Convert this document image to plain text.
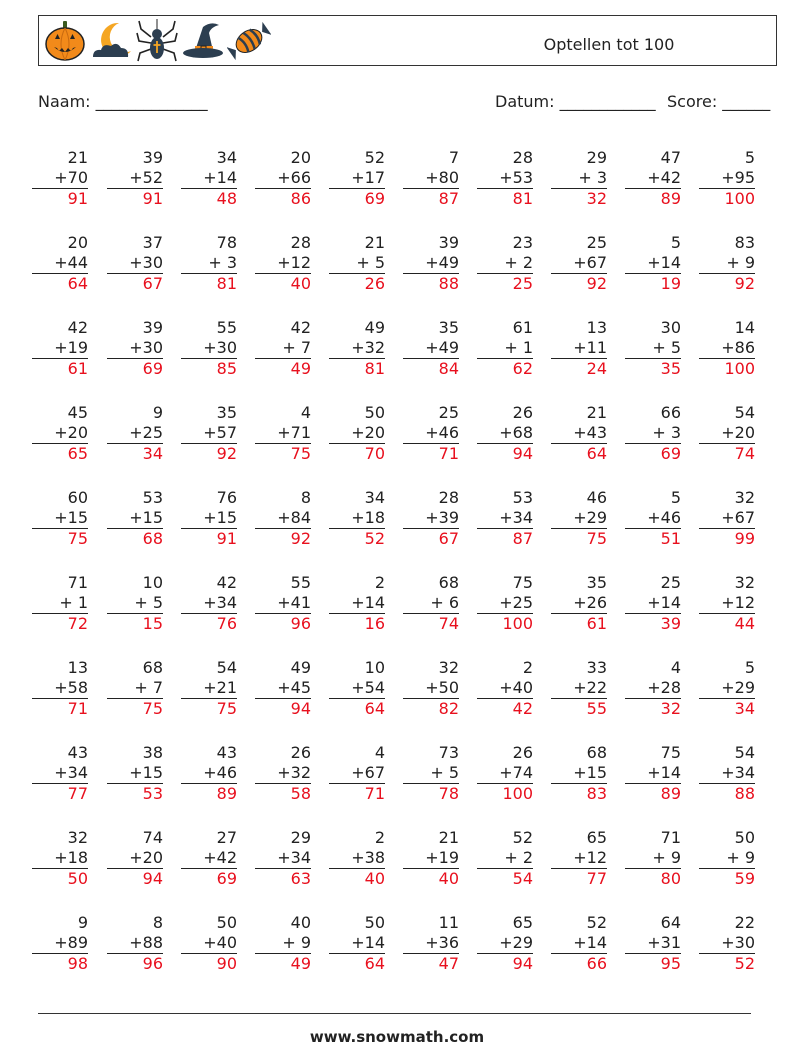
Optellen tot 100
Naam: ______________	Datum: ____________ Score: ______
21
+70
91
39
+52
91
34
+14
48
20
+66
86
52
+17
69
7
+80
87
28
+53
81
29
+ 3
32
47
+42
89
5
+95
100
20
+44
64
37
+30
67
78
+ 3
81
28
+12
40
21
+ 5
26
39
+49
88
23
+ 2
25
25
+67
92
5
+14
19
83
+ 9
92
42
+19
61
39
+30
69
55
+30
85
42
+ 7
49
49
+32
81
35
+49
84
61
+ 1
62
13
+11
24
30
+ 5
35
14
+86
100
45
+20
65
9
+25
34
35
+57
92
4
+71
75
50
+20
70
25
+46
71
26
+68
94
21
+43
64
66
+ 3
69
54
+20
74
60
+15
75
53
+15
68
76
+15
91
8
+84
92
34
+18
52
28
+39
67
53
+34
87
46
+29
75
5
+46
51
32
+67
99
71
+ 1
72
10
+ 5
15
42
+34
76
55
+41
96
2
+14
16
68
+ 6
74
75
+25
100
35
+26
61
25
+14
39
32
+12
44
13
+58
71
68
+ 7
75
54
+21
75
49
+45
94
10
+54
64
32
+50
82
2
+40
42
33
+22
55
4
+28
32
5
+29
34
43
+34
77
38
+15
53
43
+46
89
26
+32
58
4
+67
71
73
+ 5
78
26
+74
100
68
+15
83
75
+14
89
54
+34
88
32
+18
50
74
+20
94
27
+42
69
29
+34
63
2
+38
40
21
+19
40
52
+ 2
54
65
+12
77
71
+ 9
80
50
+ 9
59
9
+89
98
8
+88
96
50
+40
90
40
+ 9
49
50
+14
64
11
+36
47
65
+29
94
52
+14
66
64
+31
95
22
+30
52
www.snowmath.com
